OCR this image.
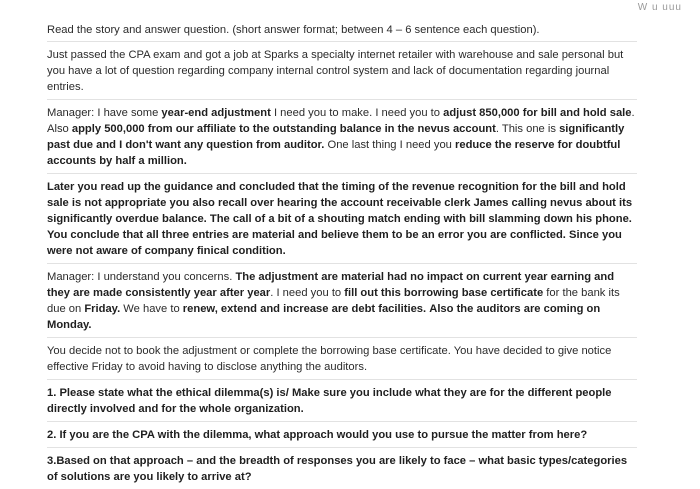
W u uuu

Read the story and answer question. (short answer format; between 4 – 6 sentence each question).

Just passed the CPA exam and got a job at Sparks a specialty internet retailer with warehouse and sale personal but you have a lot of question regarding company internal control system and lack of documentation regarding journal entries.

Manager: I have some year-end adjustment I need you to make. I need you to adjust 850,000 for bill and hold sale. Also apply 500,000 from our affiliate to the outstanding balance in the nevus account. This one is significantly past due and I don't want any question from auditor. One last thing I need you reduce the reserve for doubtful accounts by half a million.

Later you read up the guidance and concluded that the timing of the revenue recognition for the bill and hold sale is not appropriate you also recall over hearing the account receivable clerk James calling nevus about its significantly overdue balance. The call of a bit of a shouting match ending with bill slamming down his phone. You conclude that all three entries are material and believe them to be an error you are conflicted. Since you were not aware of company finical condition.

Manager: I understand you concerns. The adjustment are material had no impact on current year earning and they are made consistently year after year. I need you to fill out this borrowing base certificate for the bank its due on Friday. We have to renew, extend and increase are debt facilities. Also the auditors are coming on Monday.

You decide not to book the adjustment or complete the borrowing base certificate. You have decided to give notice effective Friday to avoid having to disclose anything the auditors.

1. Please state what the ethical dilemma(s) is/ Make sure you include what they are for the different people directly involved and for the whole organization.

2. If you are the CPA with the dilemma, what approach would you use to pursue the matter from here?

3.Based on that approach – and the breadth of responses you are likely to face – what basic types/categories of solutions are you likely to arrive at?
